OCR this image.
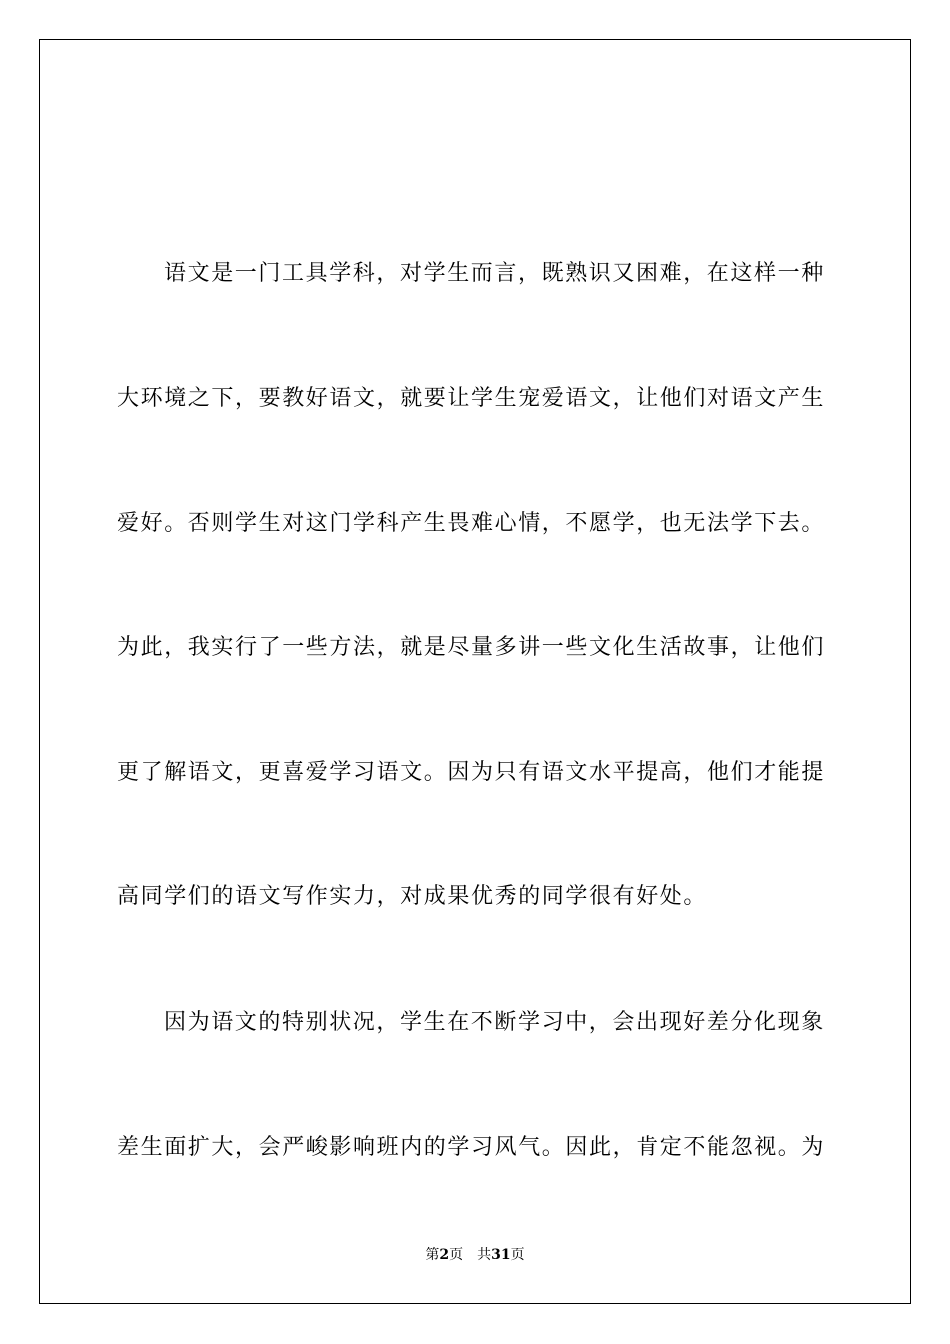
语文是一门工具学科，对学生而言，既熟识又困难，在这样一种
大环境之下，要教好语文，就要让学生宠爱语文，让他们对语文产生
爱好。否则学生对这门学科产生畏难心情，不愿学，也无法学下去。
为此，我实行了一些方法，就是尽量多讲一些文化生活故事，让他们
更了解语文，更喜爱学习语文。因为只有语文水平提高，他们才能提
高同学们的语文写作实力，对成果优秀的同学很有好处。
因为语文的特别状况，学生在不断学习中，会出现好差分化现象
差生面扩大，会严峻影响班内的学习风气。因此，肯定不能忽视。为
第2页 共31页
